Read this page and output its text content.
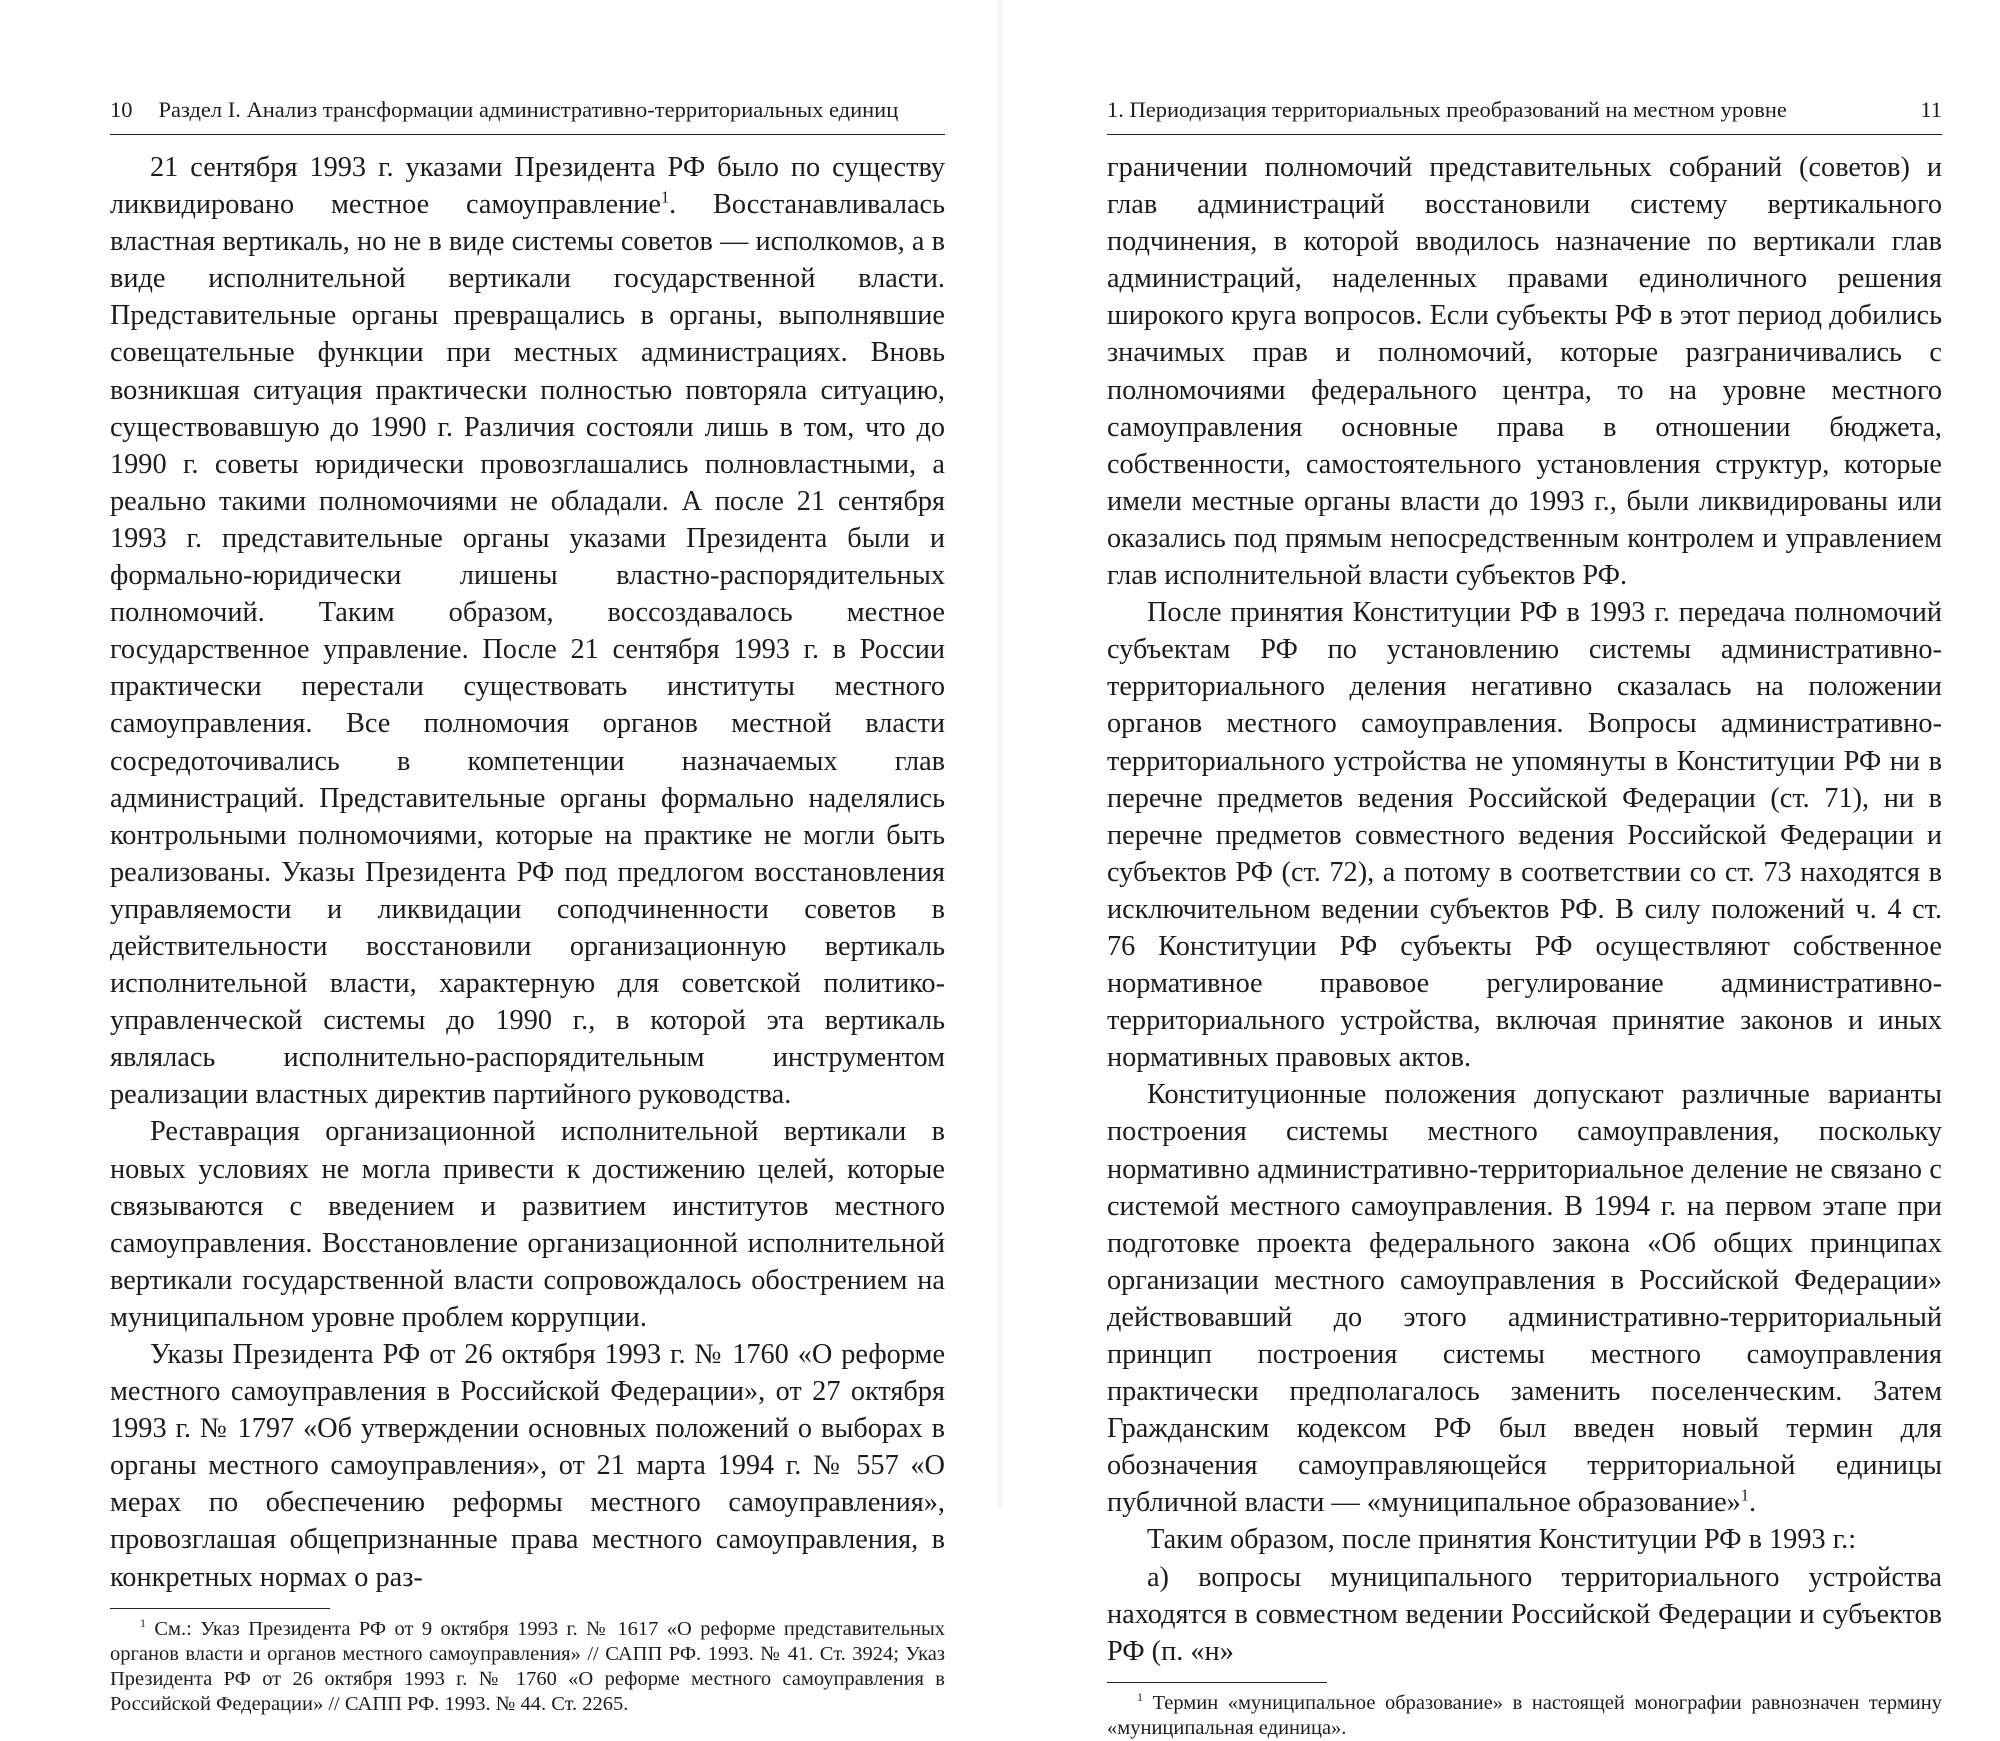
10 Раздел I. Анализ трансформации административно-территориальных единиц

21 сентября 1993 г. указами Президента РФ было по существу ликвидировано местное самоуправление$^1$. Восстанавливалась властная вертикаль, но не в виде системы советов — исполкомов, а в виде исполнительной вертикали государственной власти. Представительные органы превращались в органы, выполнявшие совещательные функции при местных администрациях. Вновь возникшая ситуация практически полностью повторяла ситуацию, существовавшую до 1990 г. Различия состояли лишь в том, что до 1990 г. советы юридически провозглашались полновластными, а реально такими полномочиями не обладали. А после 21 сентября 1993 г. представительные органы указами Президента были и формально-юридически лишены властно-распорядительных полномочий. Таким образом, воссоздавалось местное государственное управление. После 21 сентября 1993 г. в России практически перестали существовать институты местного самоуправления. Все полномочия органов местной власти сосредоточивались в компетенции назначаемых глав администраций. Представительные органы формально наделялись контрольными полномочиями, которые на практике не могли быть реализованы. Указы Президента РФ под предлогом восстановления управляемости и ликвидации соподчиненности советов в действительности восстановили организационную вертикаль исполнительной власти, характерную для советской политико-управленческой системы до 1990 г., в которой эта вертикаль являлась исполнительно-распорядительным инструментом реализации властных директив партийного руководства.

Реставрация организационной исполнительной вертикали в новых условиях не могла привести к достижению целей, которые связываются с введением и развитием институтов местного самоуправления. Восстановление организационной исполнительной вертикали государственной власти сопровождалось обострением на муниципальном уровне проблем коррупции.

Указы Президента РФ от 26 октября 1993 г. № 1760 «О реформе местного самоуправления в Российской Федерации», от 27 октября 1993 г. № 1797 «Об утверждении основных положений о выборах в органы местного самоуправления», от 21 марта 1994 г. № 557 «О мерах по обеспечению реформы местного самоуправления», провозглашая общепризнанные права местного самоуправления, в конкретных нормах о раз-

$^1$ См.: Указ Президента РФ от 9 октября 1993 г. № 1617 «О реформе представительных органов власти и органов местного самоуправления» // САПП РФ. 1993. № 41. Ст. 3924; Указ Президента РФ от 26 октября 1993 г. № 1760 «О реформе местного самоуправления в Российской Федерации» // САПП РФ. 1993. № 44. Ст. 2265.

1. Периодизация территориальных преобразований на местном уровне	11

граничении полномочий представительных собраний (советов) и глав администраций восстановили систему вертикального подчинения, в которой вводилось назначение по вертикали глав администраций, наделенных правами единоличного решения широкого круга вопросов. Если субъекты РФ в этот период добились значимых прав и полномочий, которые разграничивались с полномочиями федерального центра, то на уровне местного самоуправления основные права в отношении бюджета, собственности, самостоятельного установления структур, которые имели местные органы власти до 1993 г., были ликвидированы или оказались под прямым непосредственным контролем и управлением глав исполнительной власти субъектов РФ.

После принятия Конституции РФ в 1993 г. передача полномочий субъектам РФ по установлению системы административно-территориального деления негативно сказалась на положении органов местного самоуправления. Вопросы административно-территориального устройства не упомянуты в Конституции РФ ни в перечне предметов ведения Российской Федерации (ст. 71), ни в перечне предметов совместного ведения Российской Федерации и субъектов РФ (ст. 72), а потому в соответствии со ст. 73 находятся в исключительном ведении субъектов РФ. В силу положений ч. 4 ст. 76 Конституции РФ субъекты РФ осуществляют собственное нормативное правовое регулирование административно-территориального устройства, включая принятие законов и иных нормативных правовых актов.

Конституционные положения допускают различные варианты построения системы местного самоуправления, поскольку нормативно административно-территориальное деление не связано с системой местного самоуправления. В 1994 г. на первом этапе при подготовке проекта федерального закона «Об общих принципах организации местного самоуправления в Российской Федерации» действовавший до этого административно-территориальный принцип построения системы местного самоуправления практически предполагалось заменить поселенческим. Затем Гражданским кодексом РФ был введен новый термин для обозначения самоуправляющейся территориальной единицы публичной власти — «муниципальное образование»$^1$.

Таким образом, после принятия Конституции РФ в 1993 г.:

а) вопросы муниципального территориального устройства находятся в совместном ведении Российской Федерации и субъектов РФ (п. «н»

$^1$ Термин «муниципальное образование» в настоящей монографии равнозначен термину «муниципальная единица».
